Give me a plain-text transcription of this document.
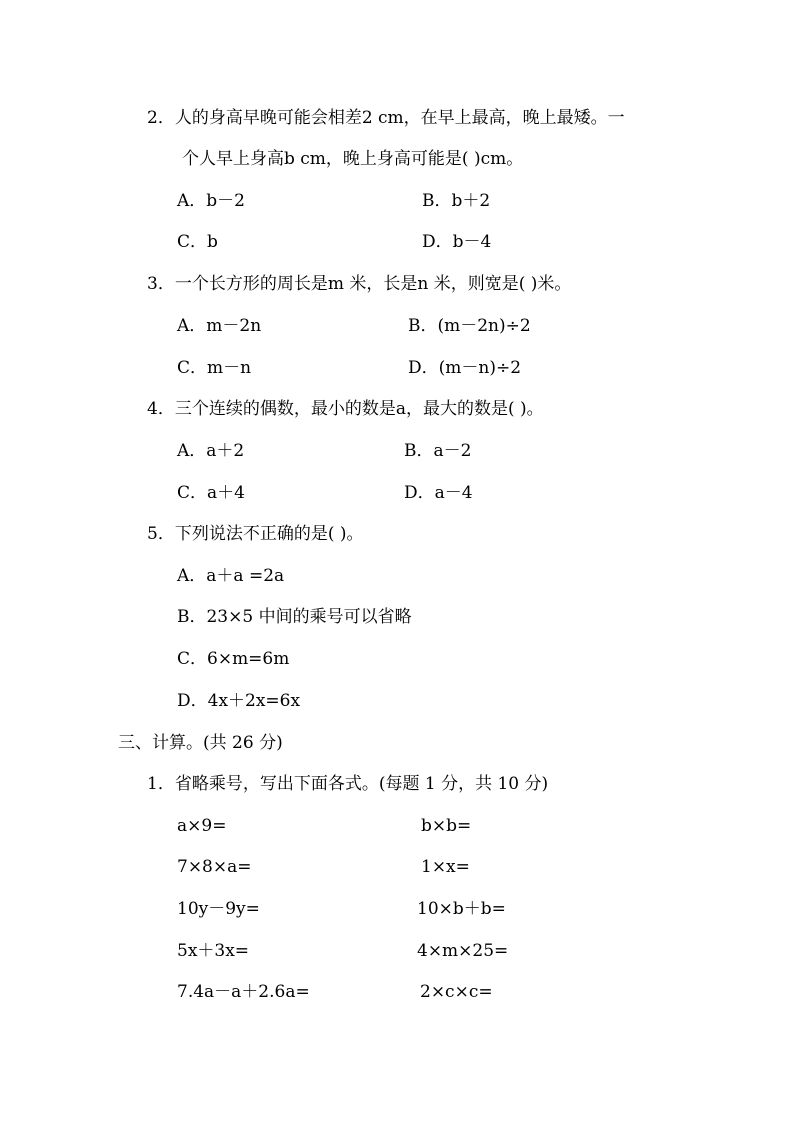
2．人的身高早晚可能会相差2 cm，在早上最高，晚上最矮。一
个人早上身高b cm，晚上身高可能是( )cm。
A．b－2	B．b＋2
C．b	D．b－4
3．一个长方形的周长是m 米，长是n 米，则宽是( )米。
A．m－2n	B．(m－2n)÷2
C．m－n	D．(m－n)÷2
4．三个连续的偶数，最小的数是a，最大的数是( )。
A．a＋2	B．a－2
C．a＋4	D．a－4
5．下列说法不正确的是( )。
A．a＋a =2a
B．23×5 中间的乘号可以省略
C．6×m=6m
D．4x＋2x=6x
三、计算。(共 26 分)
1．省略乘号，写出下面各式。(每题 1 分，共 10 分)
a×9=	b×b=
7×8×a=	1×x=
10y－9y=	10×b＋b=
5x＋3x=	4×m×25=
7.4a－a＋2.6a=	2×c×c=
